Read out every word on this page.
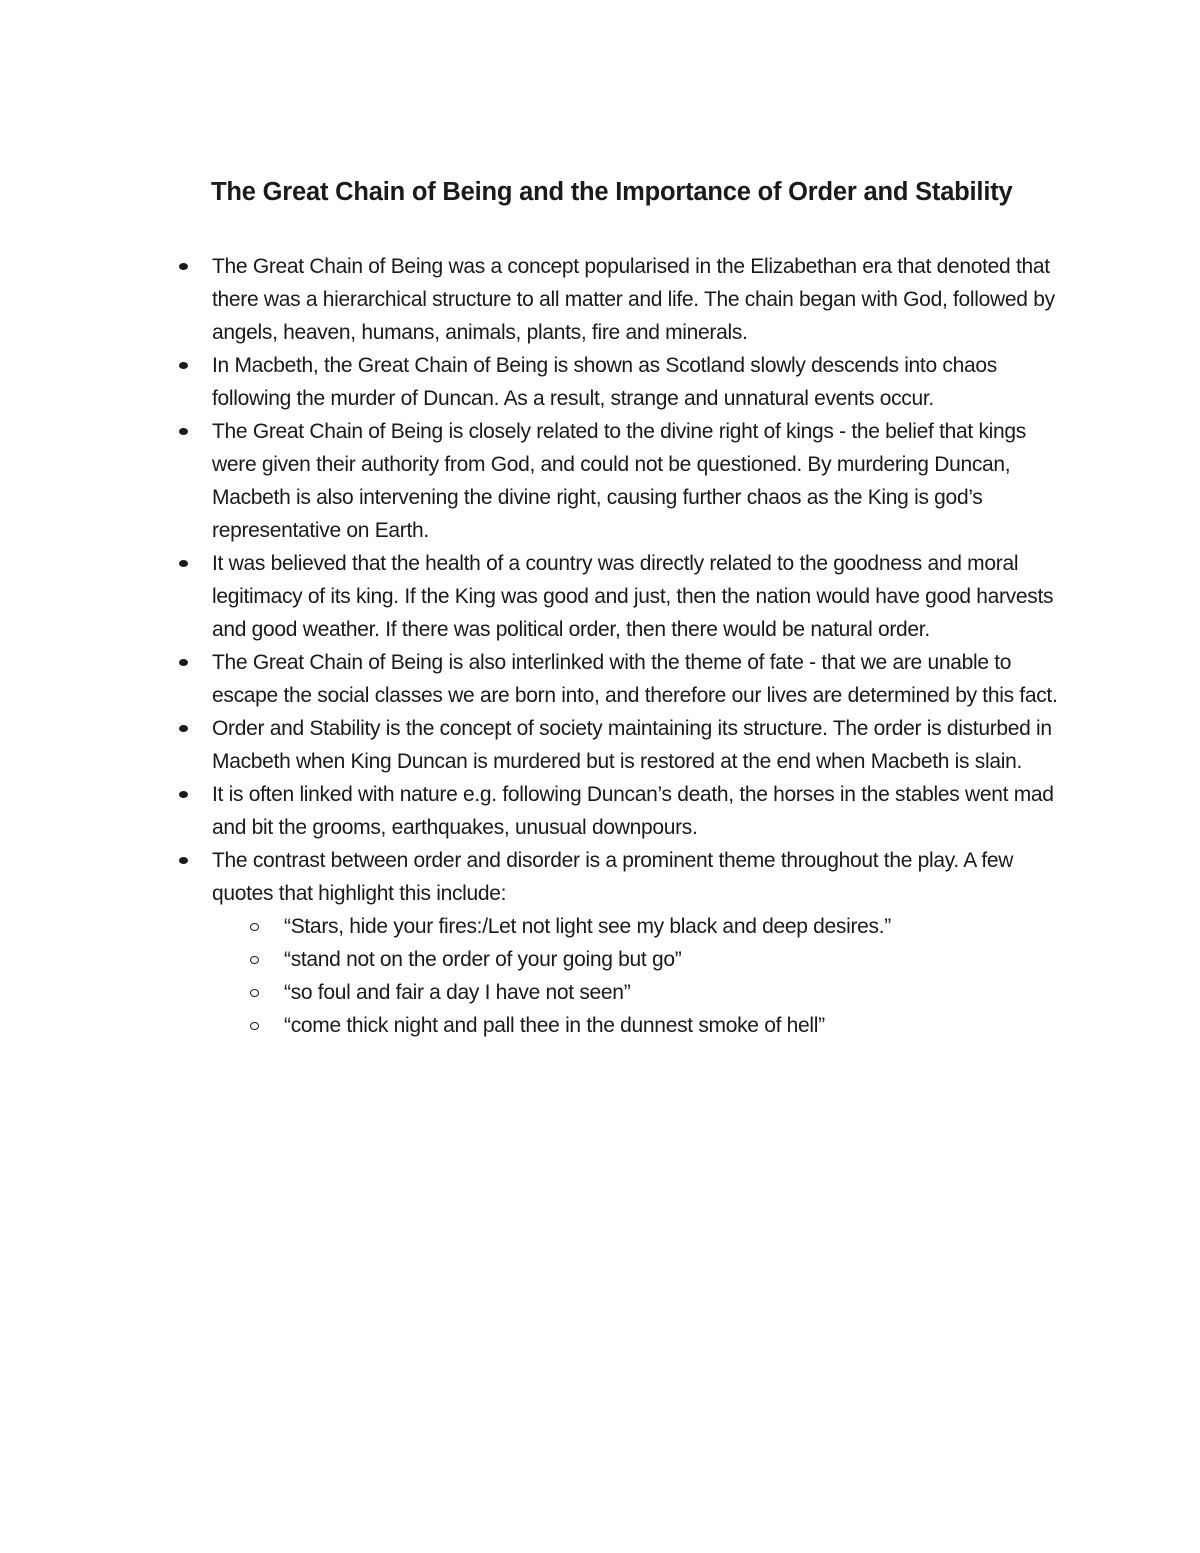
The Great Chain of Being and the Importance of Order and Stability
The Great Chain of Being was a concept popularised in the Elizabethan era that denoted that there was a hierarchical structure to all matter and life. The chain began with God, followed by angels, heaven, humans, animals, plants, fire and minerals.
In Macbeth, the Great Chain of Being is shown as Scotland slowly descends into chaos following the murder of Duncan. As a result, strange and unnatural events occur.
The Great Chain of Being is closely related to the divine right of kings - the belief that kings were given their authority from God, and could not be questioned. By murdering Duncan, Macbeth is also intervening the divine right, causing further chaos as the King is god’s representative on Earth.
It was believed that the health of a country was directly related to the goodness and moral legitimacy of its king. If the King was good and just, then the nation would have good harvests and good weather. If there was political order, then there would be natural order.
The Great Chain of Being is also interlinked with the theme of fate - that we are unable to escape the social classes we are born into, and therefore our lives are determined by this fact.
Order and Stability is the concept of society maintaining its structure. The order is disturbed in Macbeth when King Duncan is murdered but is restored at the end when Macbeth is slain.
It is often linked with nature e.g. following Duncan’s death, the horses in the stables went mad and bit the grooms, earthquakes, unusual downpours.
The contrast between order and disorder is a prominent theme throughout the play. A few quotes that highlight this include:
“Stars, hide your fires:/Let not light see my black and deep desires.”
“stand not on the order of your going but go”
“so foul and fair a day I have not seen”
“come thick night and pall thee in the dunnest smoke of hell”
